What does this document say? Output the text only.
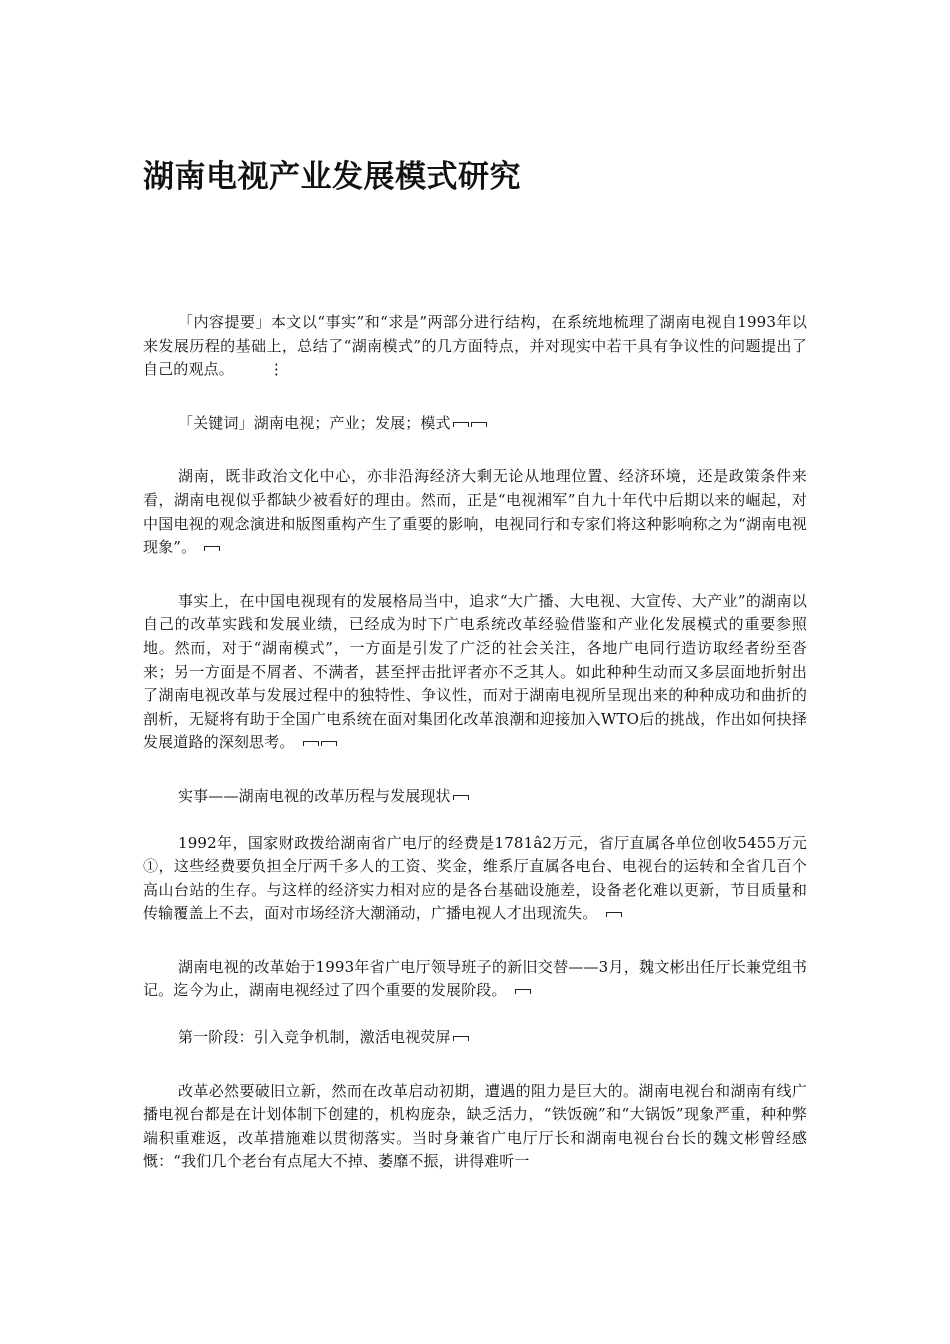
湖南电视产业发展模式研究

「内容提要」本文以“事实”和“求是”两部分进行结构，在系统地梳理了湖南电视自1993年以来发展历程的基础上，总结了“湖南模式”的几方面特点，并对现实中若干具有争议性的问题提出了自己的观点。 ⋮

「关键词」湖南电视；产业；发展；模式

湖南，既非政治文化中心，亦非沿海经济大剩无论从地理位置、经济环境，还是政策条件来看，湖南电视似乎都缺少被看好的理由。然而，正是“电视湘军”自九十年代中后期以来的崛起，对中国电视的观念演进和版图重构产生了重要的影响，电视同行和专家们将这种影响称之为“湖南电视现象”。

事实上，在中国电视现有的发展格局当中，追求“大广播、大电视、大宣传、大产业”的湖南以自己的改革实践和发展业绩，已经成为时下广电系统改革经验借鉴和产业化发展模式的重要参照地。然而，对于“湖南模式”，一方面是引发了广泛的社会关注，各地广电同行造访取经者纷至沓来；另一方面是不屑者、不满者，甚至抨击批评者亦不乏其人。如此种种生动而又多层面地折射出了湖南电视改革与发展过程中的独特性、争议性，而对于湖南电视所呈现出来的种种成功和曲折的剖析，无疑将有助于全国广电系统在面对集团化改革浪潮和迎接加入WTO后的挑战，作出如何抉择发展道路的深刻思考。

实事——湖南电视的改革历程与发展现状

1992年，国家财政拨给湖南省广电厅的经费是1781â2万元，省厅直属各单位创收5455万元①，这些经费要负担全厅两千多人的工资、奖金，维系厅直属各电台、电视台的运转和全省几百个高山台站的生存。与这样的经济实力相对应的是各台基础设施差，设备老化难以更新，节目质量和传输覆盖上不去，面对市场经济大潮涌动，广播电视人才出现流失。

湖南电视的改革始于1993年省广电厅领导班子的新旧交替——3月，魏文彬出任厅长兼党组书记。迄今为止，湖南电视经过了四个重要的发展阶段。

第一阶段：引入竞争机制，激活电视荧屏

改革必然要破旧立新，然而在改革启动初期，遭遇的阻力是巨大的。湖南电视台和湖南有线广播电视台都是在计划体制下创建的，机构庞杂，缺乏活力，“铁饭碗”和“大锅饭”现象严重，种种弊端积重难返，改革措施难以贯彻落实。当时身兼省广电厅厅长和湖南电视台台长的魏文彬曾经感慨：“我们几个老台有点尾大不掉、萎靡不振，讲得难听一
